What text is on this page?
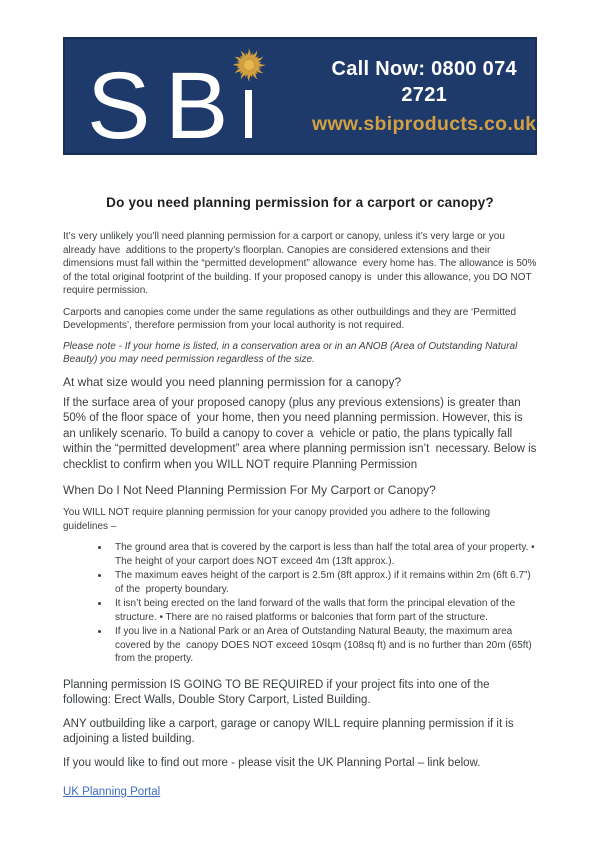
S B	Call Now: 0800 074 2721
www.sbiproducts.co.uk
Do you need planning permission for a carport or canopy?

It’s very unlikely you’ll need planning permission for a carport or canopy, unless it’s very large or you already have  additions to the property’s floorplan. Canopies are considered extensions and their dimensions must fall within the “permitted development” allowance  every home has. The allowance is 50% of the total original footprint of the building. If your proposed canopy is  under this allowance, you DO NOT require permission.

Carports and canopies come under the same regulations as other outbuildings and they are ‘Permitted Developments’, therefore permission from your local authority is not required.

Please note - If your home is listed, in a conservation area or in an ANOB (Area of Outstanding Natural Beauty) you may need permission regardless of the size.

At what size would you need planning permission for a canopy?

If the surface area of your proposed canopy (plus any previous extensions) is greater than 50% of the floor space of  your home, then you need planning permission. However, this is an unlikely scenario. To build a canopy to cover a  vehicle or patio, the plans typically fall within the “permitted development” area where planning permission isn’t  necessary. Below is checklist to confirm when you WILL NOT require Planning Permission

When Do I Not Need Planning Permission For My Carport or Canopy?

You WILL NOT require planning permission for your canopy provided you adhere to the following guidelines –

• The ground area that is covered by the carport is less than half the total area of your property. • The height of your carport does NOT exceed 4m (13ft approx.).
• The maximum eaves height of the carport is 2.5m (8ft approx.) if it remains within 2m (6ft 6.7”) of the  property boundary.
• It isn’t being erected on the land forward of the walls that form the principal elevation of the structure. • There are no raised platforms or balconies that form part of the structure.
• If you live in a National Park or an Area of Outstanding Natural Beauty, the maximum area covered by the  canopy DOES NOT exceed 10sqm (108sq ft) and is no further than 20m (65ft) from the property.

Planning permission IS GOING TO BE REQUIRED if your project fits into one of the following: Erect Walls, Double Story Carport, Listed Building.

ANY outbuilding like a carport, garage or canopy WILL require planning permission if it is adjoining a listed building.

If you would like to find out more - please visit the UK Planning Portal – link below.

UK Planning Portal
